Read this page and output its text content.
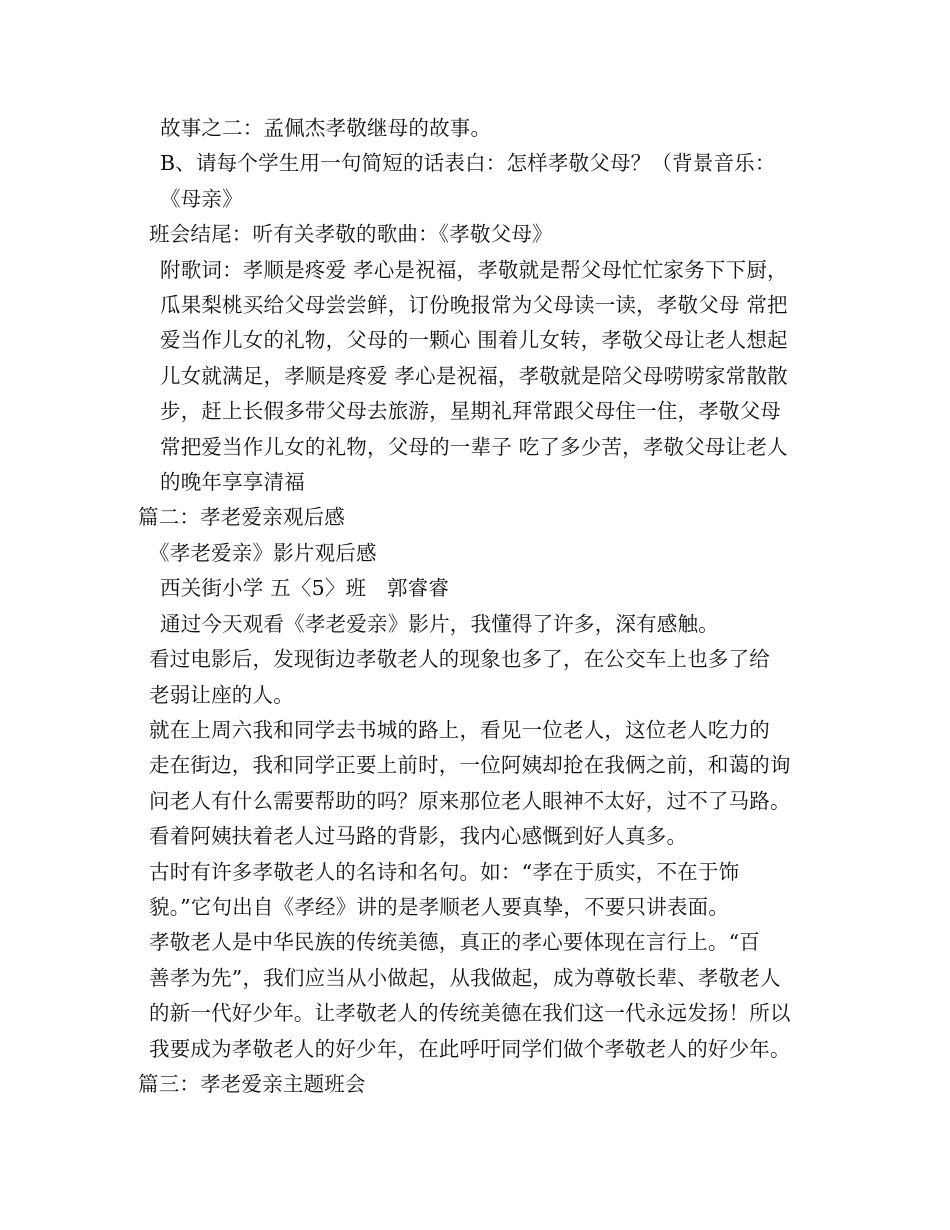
故事之二：孟佩杰孝敬继母的故事。

B、请每个学生用一句简短的话表白：怎样孝敬父母？（背景音乐：
《母亲》

班会结尾：听有关孝敬的歌曲：《孝敬父母》

附歌词：孝顺是疼爱 孝心是祝福，孝敬就是帮父母忙忙家务下下厨，
瓜果梨桃买给父母尝尝鲜，订份晚报常为父母读一读，孝敬父母 常把
爱当作儿女的礼物，父母的一颗心 围着儿女转，孝敬父母让老人想起
儿女就满足，孝顺是疼爱 孝心是祝福，孝敬就是陪父母唠唠家常散散
步，赶上长假多带父母去旅游，星期礼拜常跟父母住一住，孝敬父母
常把爱当作儿女的礼物，父母的一辈子 吃了多少苦，孝敬父母让老人
的晚年享享清福

篇二：孝老爱亲观后感

《孝老爱亲》影片观后感

西关街小学 五〈5〉班　郭睿睿

通过今天观看《孝老爱亲》影片，我懂得了许多，深有感触。

看过电影后，发现街边孝敬老人的现象也多了，在公交车上也多了给
老弱让座的人。

就在上周六我和同学去书城的路上，看见一位老人，这位老人吃力的
走在街边，我和同学正要上前时，一位阿姨却抢在我俩之前，和蔼的询
问老人有什么需要帮助的吗？原来那位老人眼神不太好，过不了马路。
看着阿姨扶着老人过马路的背影，我内心感慨到好人真多。

古时有许多孝敬老人的名诗和名句。如：“孝在于质实，不在于饰
貌。”它句出自《孝经》讲的是孝顺老人要真挚，不要只讲表面。

孝敬老人是中华民族的传统美德，真正的孝心要体现在言行上。“百
善孝为先”，我们应当从小做起，从我做起，成为尊敬长辈、孝敬老人
的新一代好少年。让孝敬老人的传统美德在我们这一代永远发扬！所以
我要成为孝敬老人的好少年，在此呼吁同学们做个孝敬老人的好少年。

篇三：孝老爱亲主题班会
